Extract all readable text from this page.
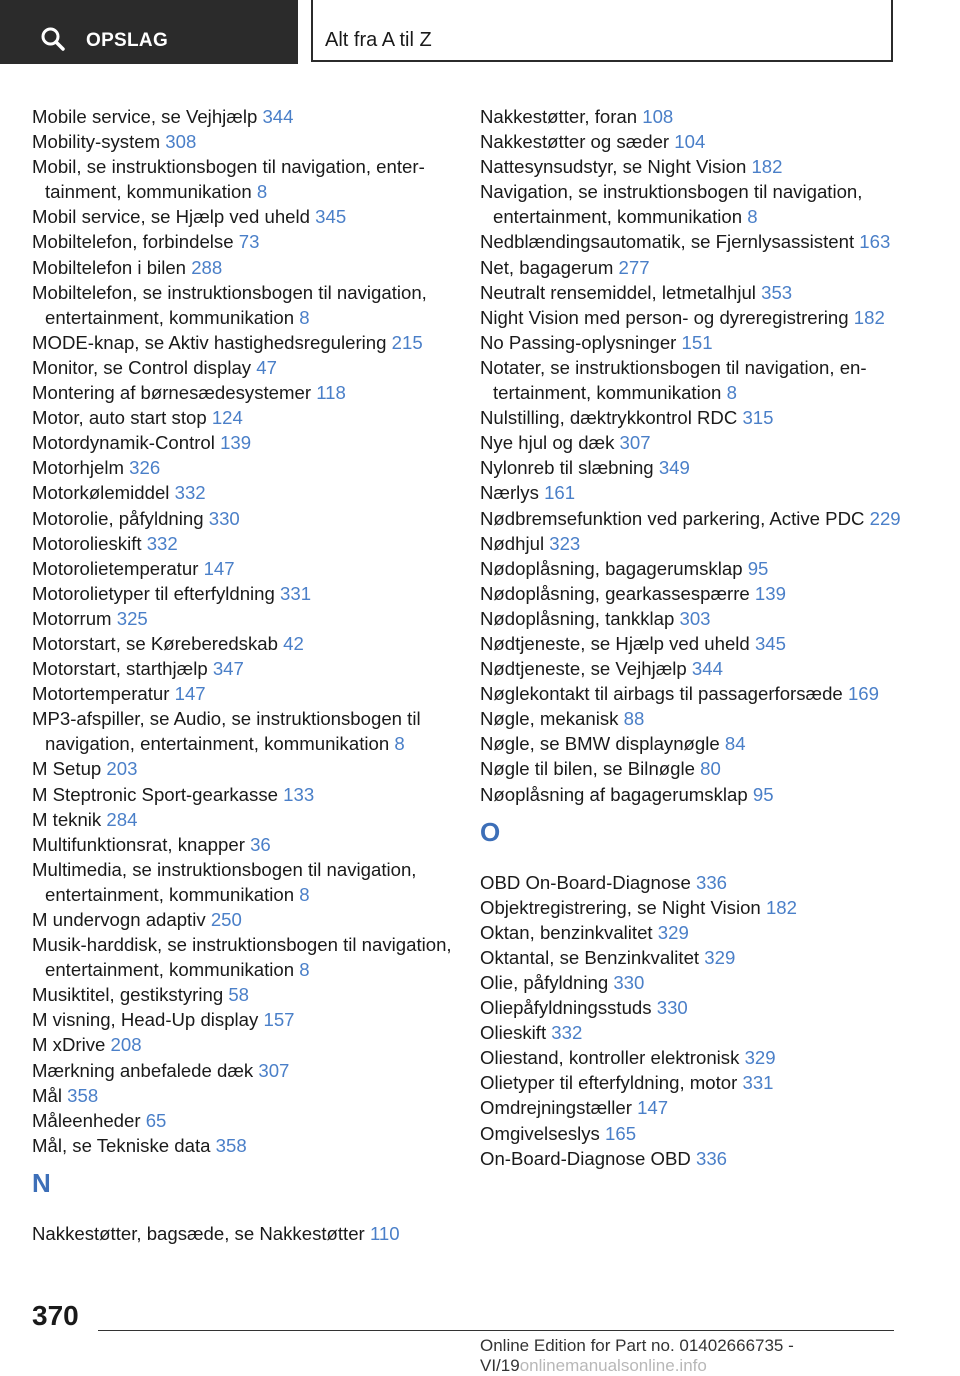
OPSLAG	Alt fra A til Z
Mobile service, se Vejhjælp 344
Mobility-system 308
Mobil, se instruktionsbogen til navigation, entertainment, kommunikation 8
Mobil service, se Hjælp ved uheld 345
Mobiltelefon, forbindelse 73
Mobiltelefon i bilen 288
Mobiltelefon, se instruktionsbogen til navigation, entertainment, kommunikation 8
MODE-knap, se Aktiv hastighedsregulering 215
Monitor, se Control display 47
Montering af børnesædesystemer 118
Motor, auto start stop 124
Motordynamik-Control 139
Motorhjelm 326
Motorkølemiddel 332
Motorolie, påfyldning 330
Motorolieskift 332
Motorolietemperatur 147
Motorolietyper til efterfyldning 331
Motorrum 325
Motorstart, se Køreberedskab 42
Motorstart, starthjælp 347
Motortemperatur 147
MP3-afspiller, se Audio, se instruktionsbogen til navigation, entertainment, kommunikation 8
M Setup 203
M Steptronic Sport-gearkasse 133
M teknik 284
Multifunktionsrat, knapper 36
Multimedia, se instruktionsbogen til navigation, entertainment, kommunikation 8
M undervogn adaptiv 250
Musik-harddisk, se instruktionsbogen til navigation, entertainment, kommunikation 8
Musiktitel, gestikstyring 58
M visning, Head-Up display 157
M xDrive 208
Mærkning anbefalede dæk 307
Mål 358
Måleenheder 65
Mål, se Tekniske data 358
N
Nakkestøtter, bagsæde, se Nakkestøtter 110
Nakkestøtter, foran 108
Nakkestøtter og sæder 104
Nattesynsudstyr, se Night Vision 182
Navigation, se instruktionsbogen til navigation, entertainment, kommunikation 8
Nedblændingsautomatik, se Fjernlysassistent 163
Net, bagagerum 277
Neutralt rensemiddel, letmetalhjul 353
Night Vision med person- og dyreregistrering 182
No Passing-oplysninger 151
Notater, se instruktionsbogen til navigation, entertainment, kommunikation 8
Nulstilling, dæktrykkontrol RDC 315
Nye hjul og dæk 307
Nylonreb til slæbning 349
Nærlys 161
Nødbremsefunktion ved parkering, Active PDC 229
Nødhjul 323
Nødoplåsning, bagagerumsklap 95
Nødoplåsning, gearkassespærre 139
Nødoplåsning, tankklap 303
Nødtjeneste, se Hjælp ved uheld 345
Nødtjeneste, se Vejhjælp 344
Nøglekontakt til airbags til passagerforsæde 169
Nøgle, mekanisk 88
Nøgle, se BMW displaynøgle 84
Nøgle til bilen, se Bilnøgle 80
Nøoplåsning af bagagerumsklap 95
O
OBD On-Board-Diagnose 336
Objektregistrering, se Night Vision 182
Oktan, benzinkvalitet 329
Oktantal, se Benzinkvalitet 329
Olie, påfyldning 330
Oliepåfyldningsstuds 330
Olieskift 332
Oliestand, kontroller elektronisk 329
Olietyper til efterfyldning, motor 331
Omdrejningstæller 147
Omgivelseslys 165
On-Board-Diagnose OBD 336
370
Online Edition for Part no. 01402666735 - VI/19onlinemanualsonline.info
